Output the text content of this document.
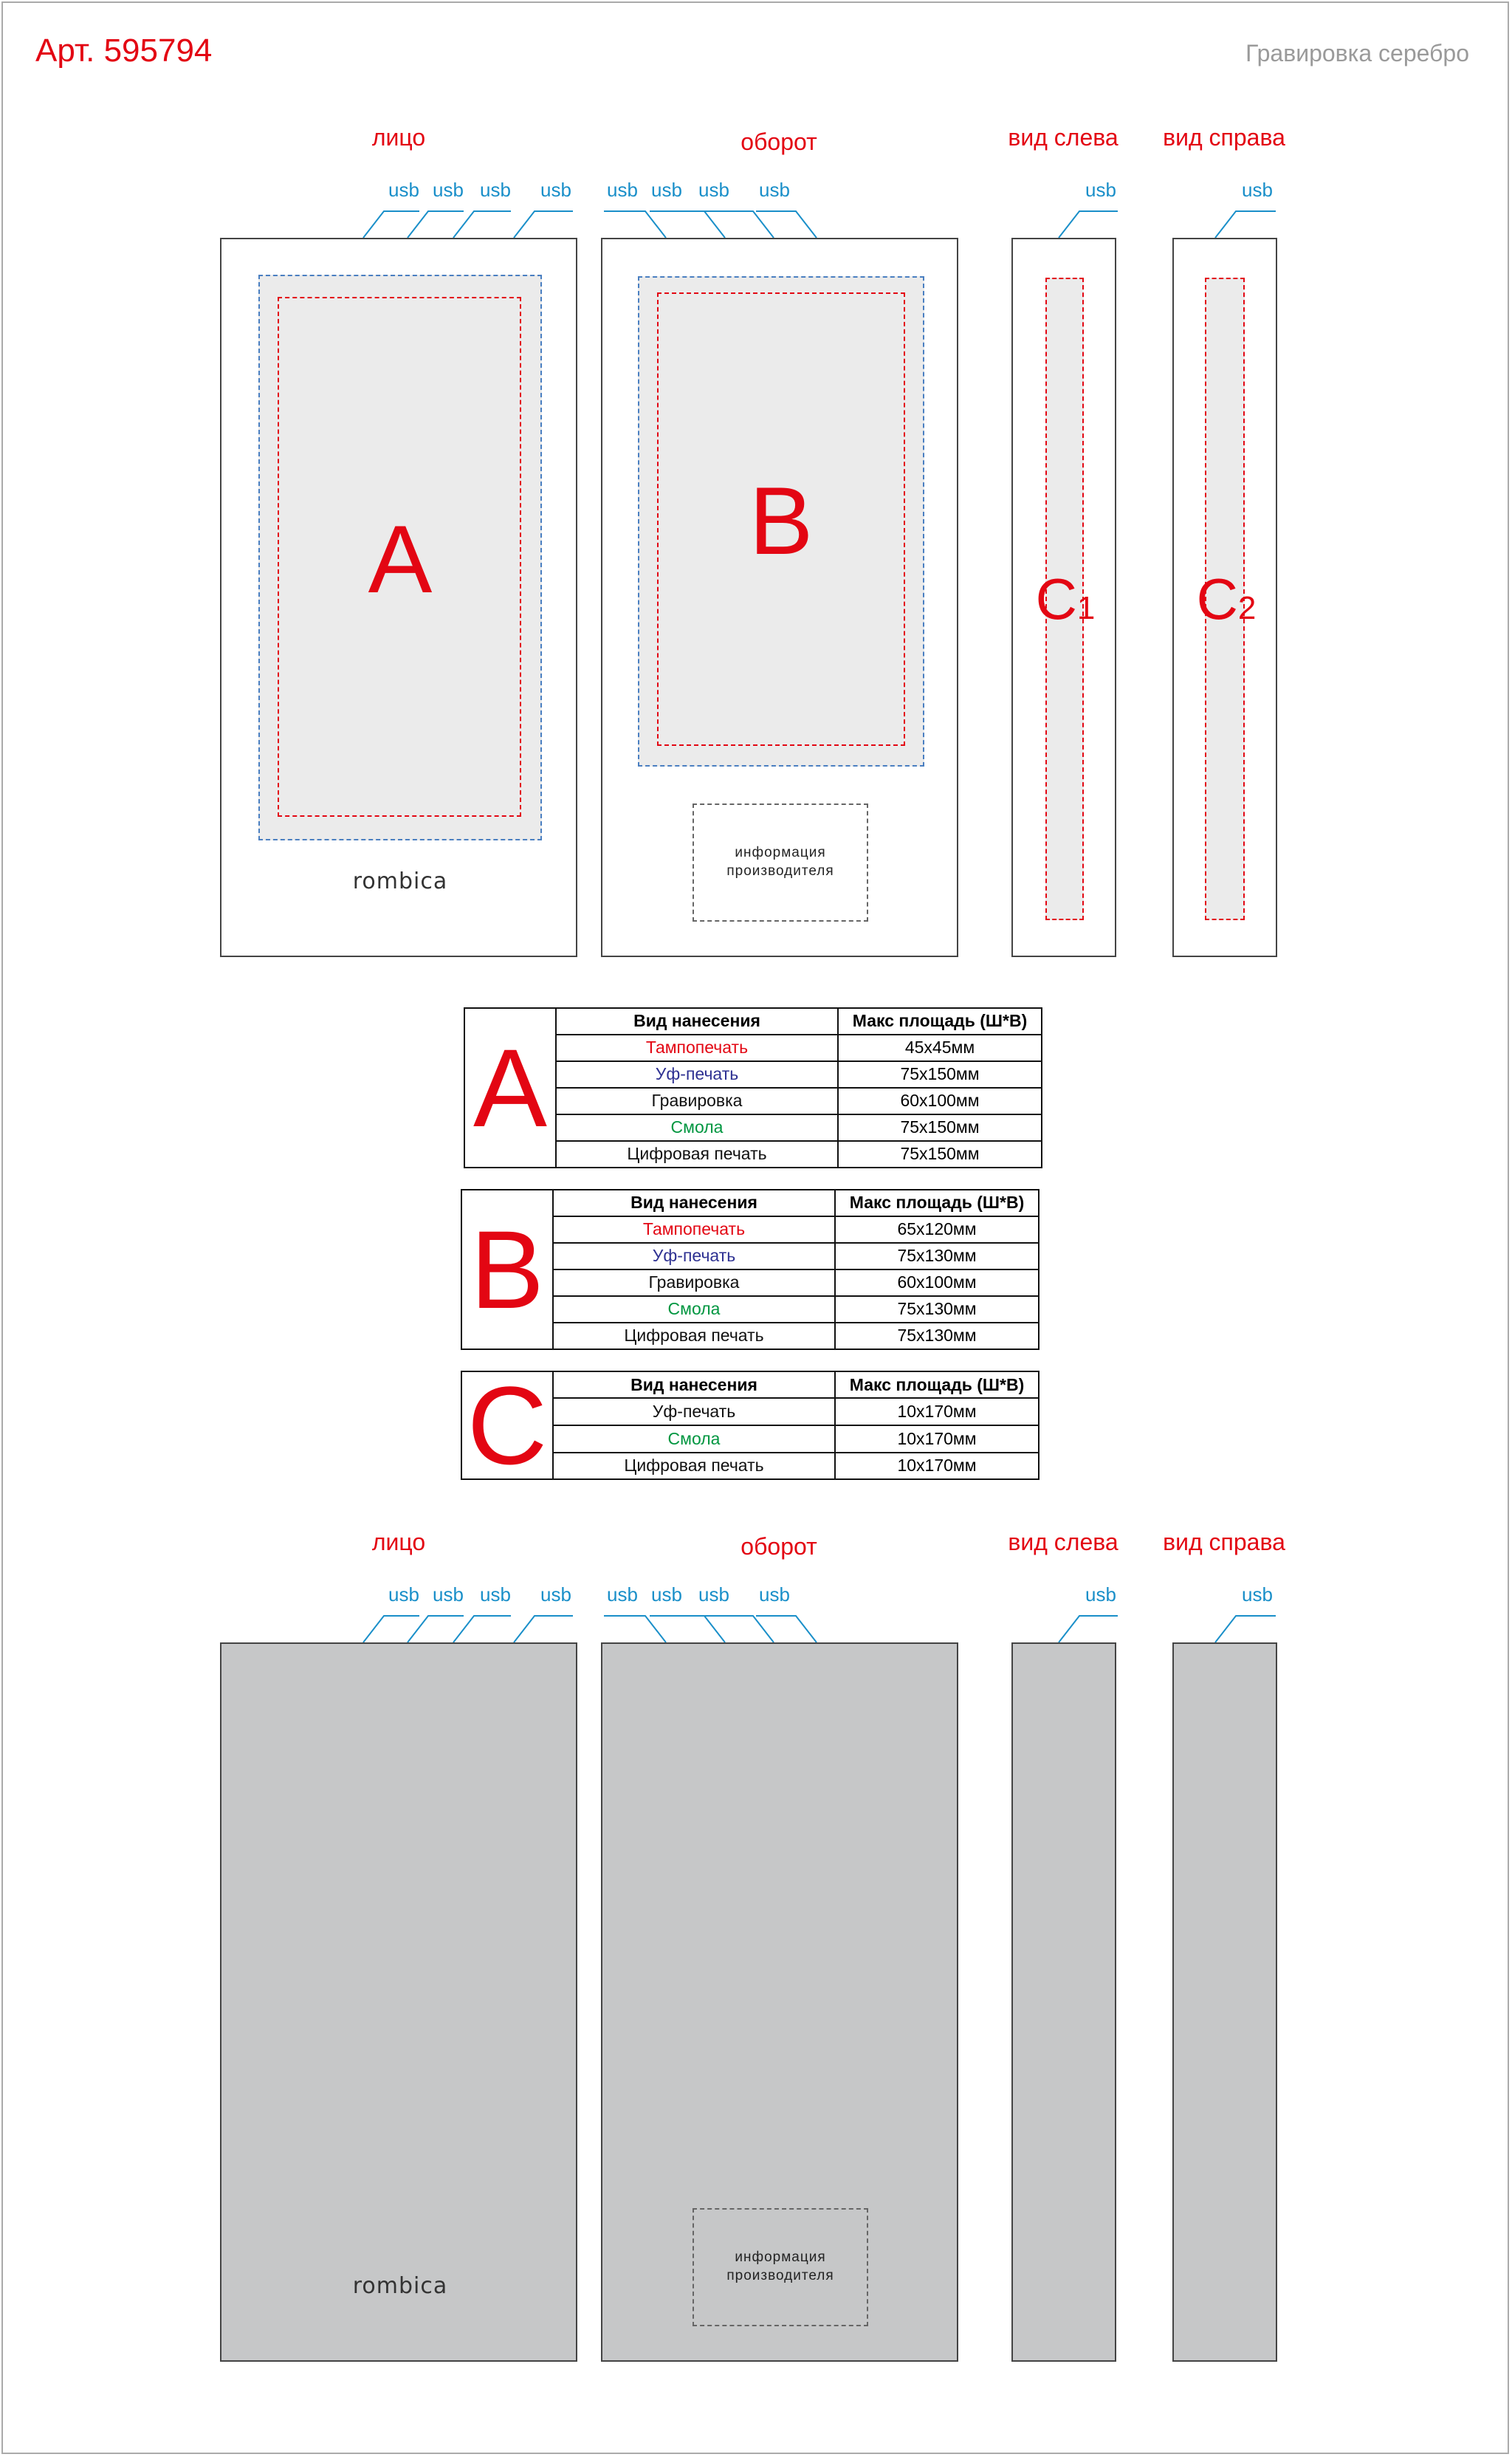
Арт. 595794	Гравировка серебро
лицо	оборот	вид слева	вид справа
usb usb usb usb usb usb usb usb	usb	usb
A
rombica
B
информация
производителя
C1	C2
A
Вид нанесения	Макс площадь (Ш*В)
Тампопечать	45х45мм
Уф-печать	75х150мм
Гравировка	60х100мм
Смола	75х150мм
Цифровая печать	75х150мм
B
Вид нанесения	Макс площадь (Ш*В)
Тампопечать	65х120мм
Уф-печать	75х130мм
Гравировка	60х100мм
Смола	75х130мм
Цифровая печать	75х130мм
C	Вид нанесения	Макс площадь (Ш*В)
Уф-печать	10х170мм
Смола	10х170мм
Цифровая печать	10х170мм
лицо	оборот	вид слева	вид справа
usb usb usb usb usb usb usb usb	usb	usb
rombica
информация
производителя
